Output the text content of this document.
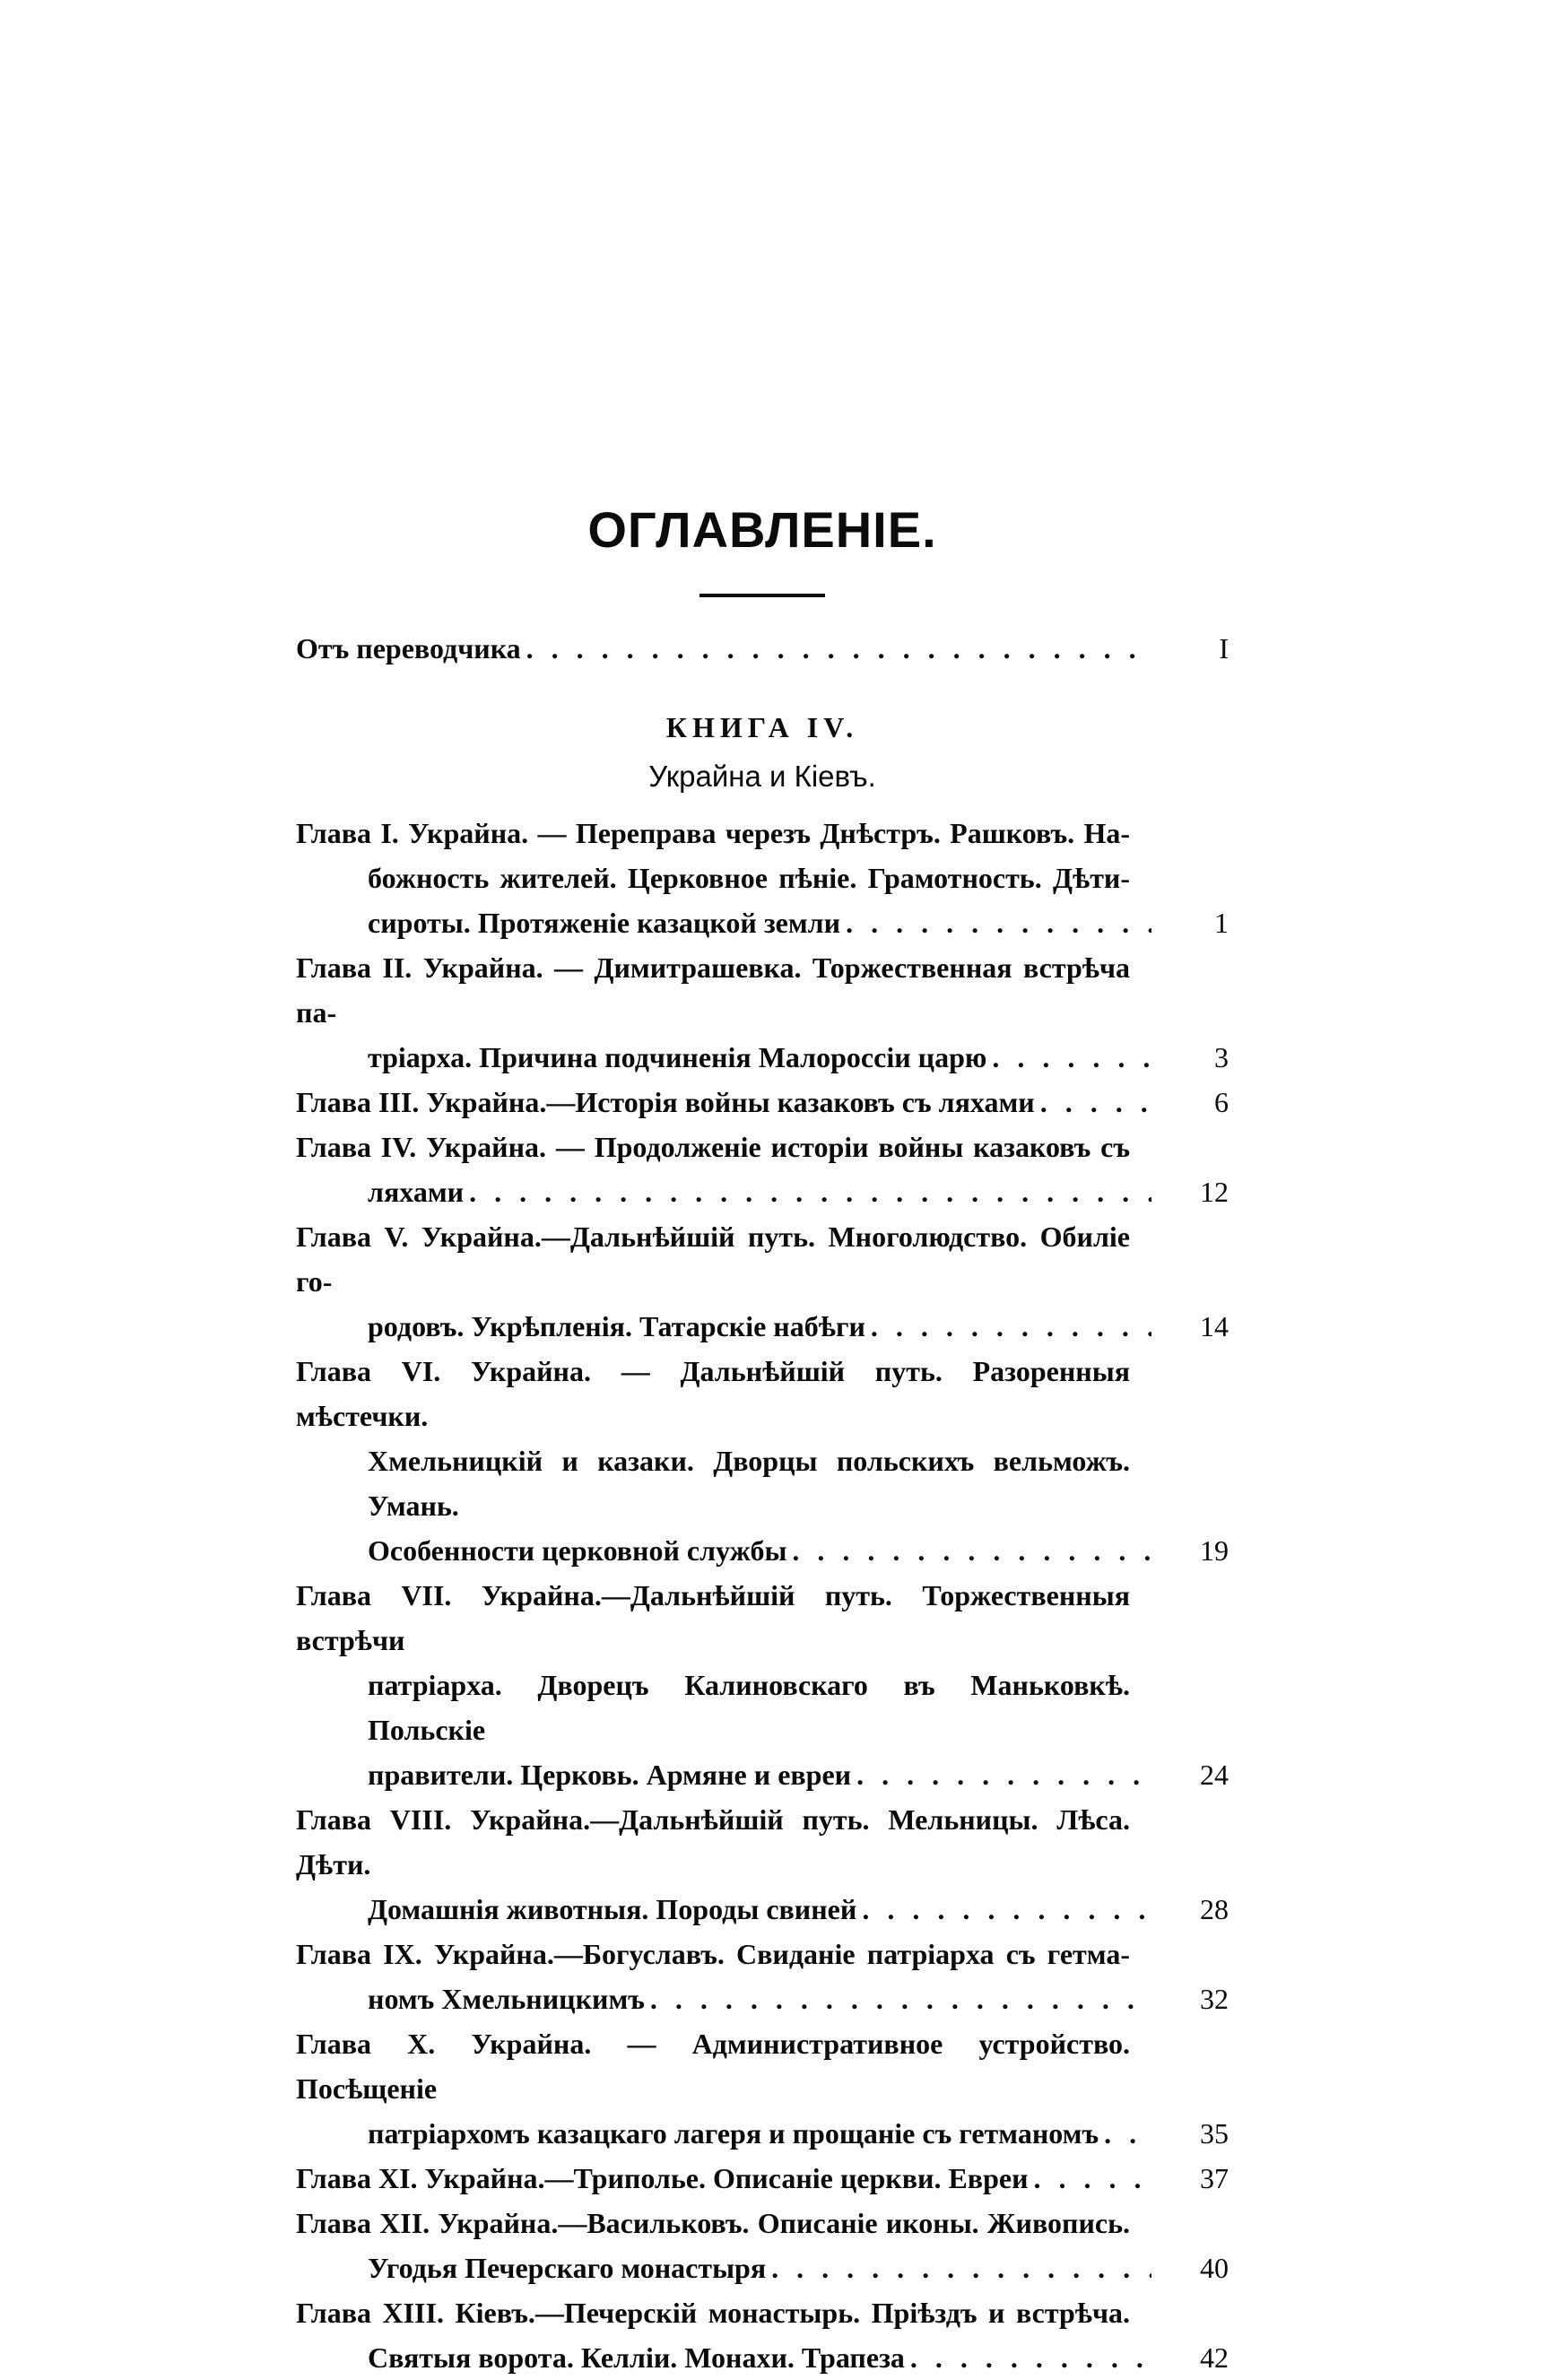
ОГЛАВЛЕНІЕ.
Отъ переводчика . . .	I
КНИГА IV.
Украйна и Кіевъ.
Глава I. Украйна. — Переправа черезъ Днѣстръ. Рашковъ. На-
божность жителей. Церковное пѣніе. Грамотность. Дѣти-
сироты. Протяженіе казацкой земли . . .	1
Глава II. Украйна. — Димитрашевка. Торжественная встрѣча па-
тріарха. Причина подчиненія Малороссіи царю . . .	3
Глава III. Украйна.—Исторія войны казаковъ съ ляхами . . .	6
Глава IV. Украйна. — Продолженіе исторіи войны казаковъ съ
ляхами . . .	12
Глава V. Украйна.—Дальнѣйшій путь. Многолюдство. Обиліе го-
родовъ. Укрѣпленія. Татарскіе набѣги . . .	14
Глава VI. Украйна. — Дальнѣйшій путь. Разоренныя мѣстечки.
Хмельницкій и казаки. Дворцы польскихъ вельможъ. Умань.
Особенности церковной службы . . .	19
Глава VII. Украйна.—Дальнѣйшій путь. Торжественныя встрѣчи
патріарха. Дворецъ Калиновскаго въ Маньковкѣ. Польскіе
правители. Церковь. Армяне и евреи . . .	24
Глава VIII. Украйна.—Дальнѣйшій путь. Мельницы. Лѣса. Дѣти.
Домашнія животныя. Породы свиней . . .	28
Глава IX. Украйна.—Богуславъ. Свиданіе патріарха съ гетма-
номъ Хмельницкимъ . . .	32
Глава X. Украйна. — Административное устройство. Посѣщеніе
патріархомъ казацкаго лагеря и прощаніе съ гетманомъ . . .	35
Глава XI. Украйна.—Триполье. Описаніе церкви. Евреи . . .	37
Глава XII. Украйна.—Васильковъ. Описаніе иконы. Живопись.
Угодья Печерскаго монастыря . . .	40
Глава XIII. Кіевъ.—Печерскій монастырь. Пріѣздъ и встрѣча.
Святыя ворота. Келліи. Монахи. Трапеза . . .	42
